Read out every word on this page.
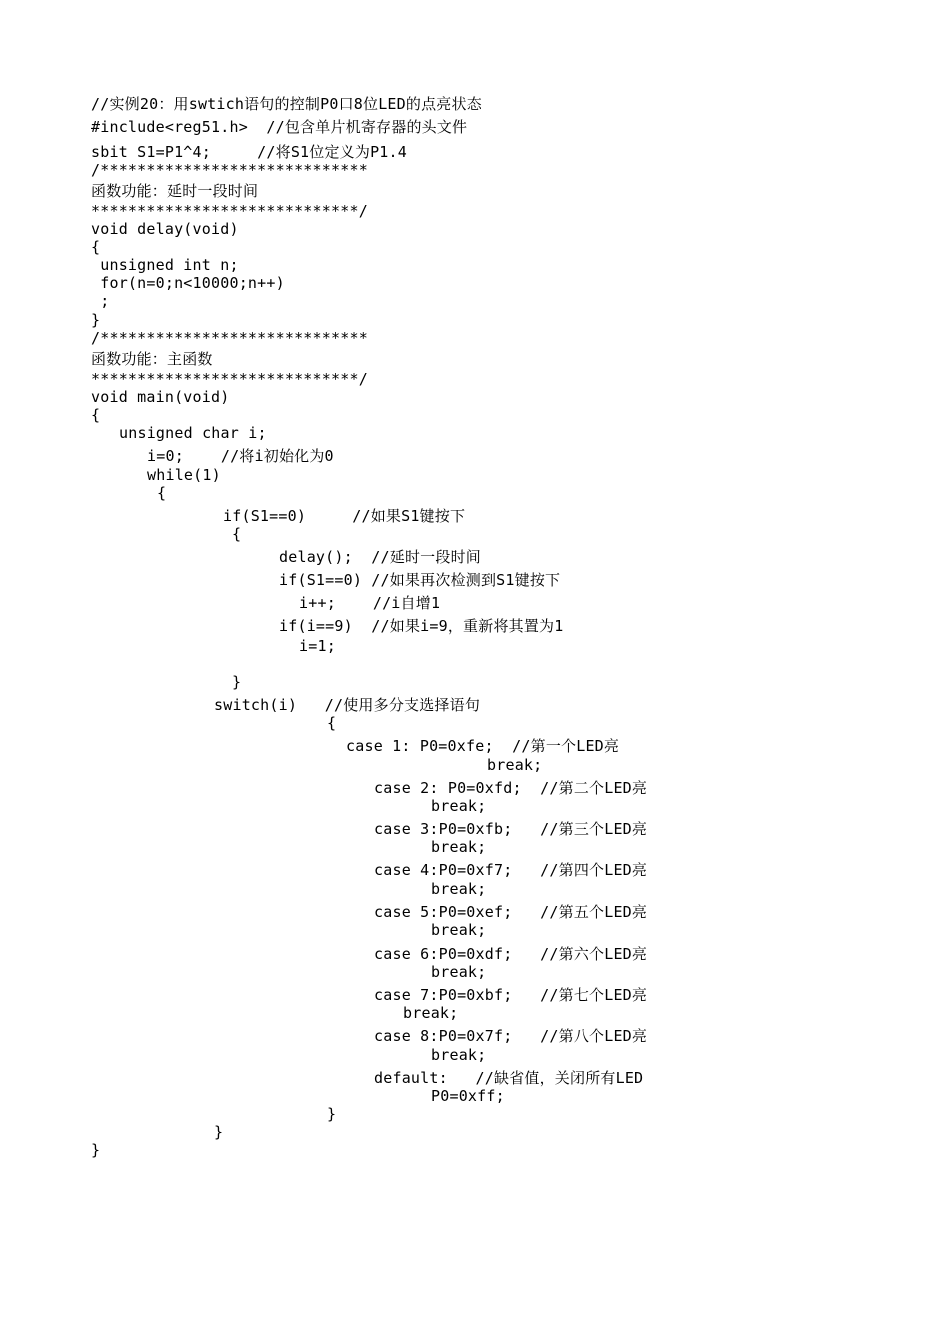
//实例20：用swtich语句的控制P0口8位LED的点亮状态
#include<reg51.h>  //包含单片机寄存器的头文件
sbit S1=P1^4;     //将S1位定义为P1.4
/*****************************
函数功能：延时一段时间
*****************************/
void delay(void)
{
unsigned int n;
for(n=0;n<10000;n++)
;
}
/*****************************
函数功能：主函数
*****************************/
void main(void)
{
unsigned char i;
i=0;    //将i初始化为0
while(1)
{
if(S1==0)     //如果S1键按下
{
delay();  //延时一段时间
if(S1==0) //如果再次检测到S1键按下
i++;    //i自增1
if(i==9)  //如果i=9，重新将其置为1
i=1;
}
switch(i)   //使用多分支选择语句
{
case 1: P0=0xfe;  //第一个LED亮
break;
case 2: P0=0xfd;  //第二个LED亮
break;
case 3:P0=0xfb;   //第三个LED亮
break;
case 4:P0=0xf7;   //第四个LED亮
break;
case 5:P0=0xef;   //第五个LED亮
break;
case 6:P0=0xdf;   //第六个LED亮
break;
case 7:P0=0xbf;   //第七个LED亮
break;
case 8:P0=0x7f;   //第八个LED亮
break;
default:   //缺省值，关闭所有LED
P0=0xff;
}
}
}
